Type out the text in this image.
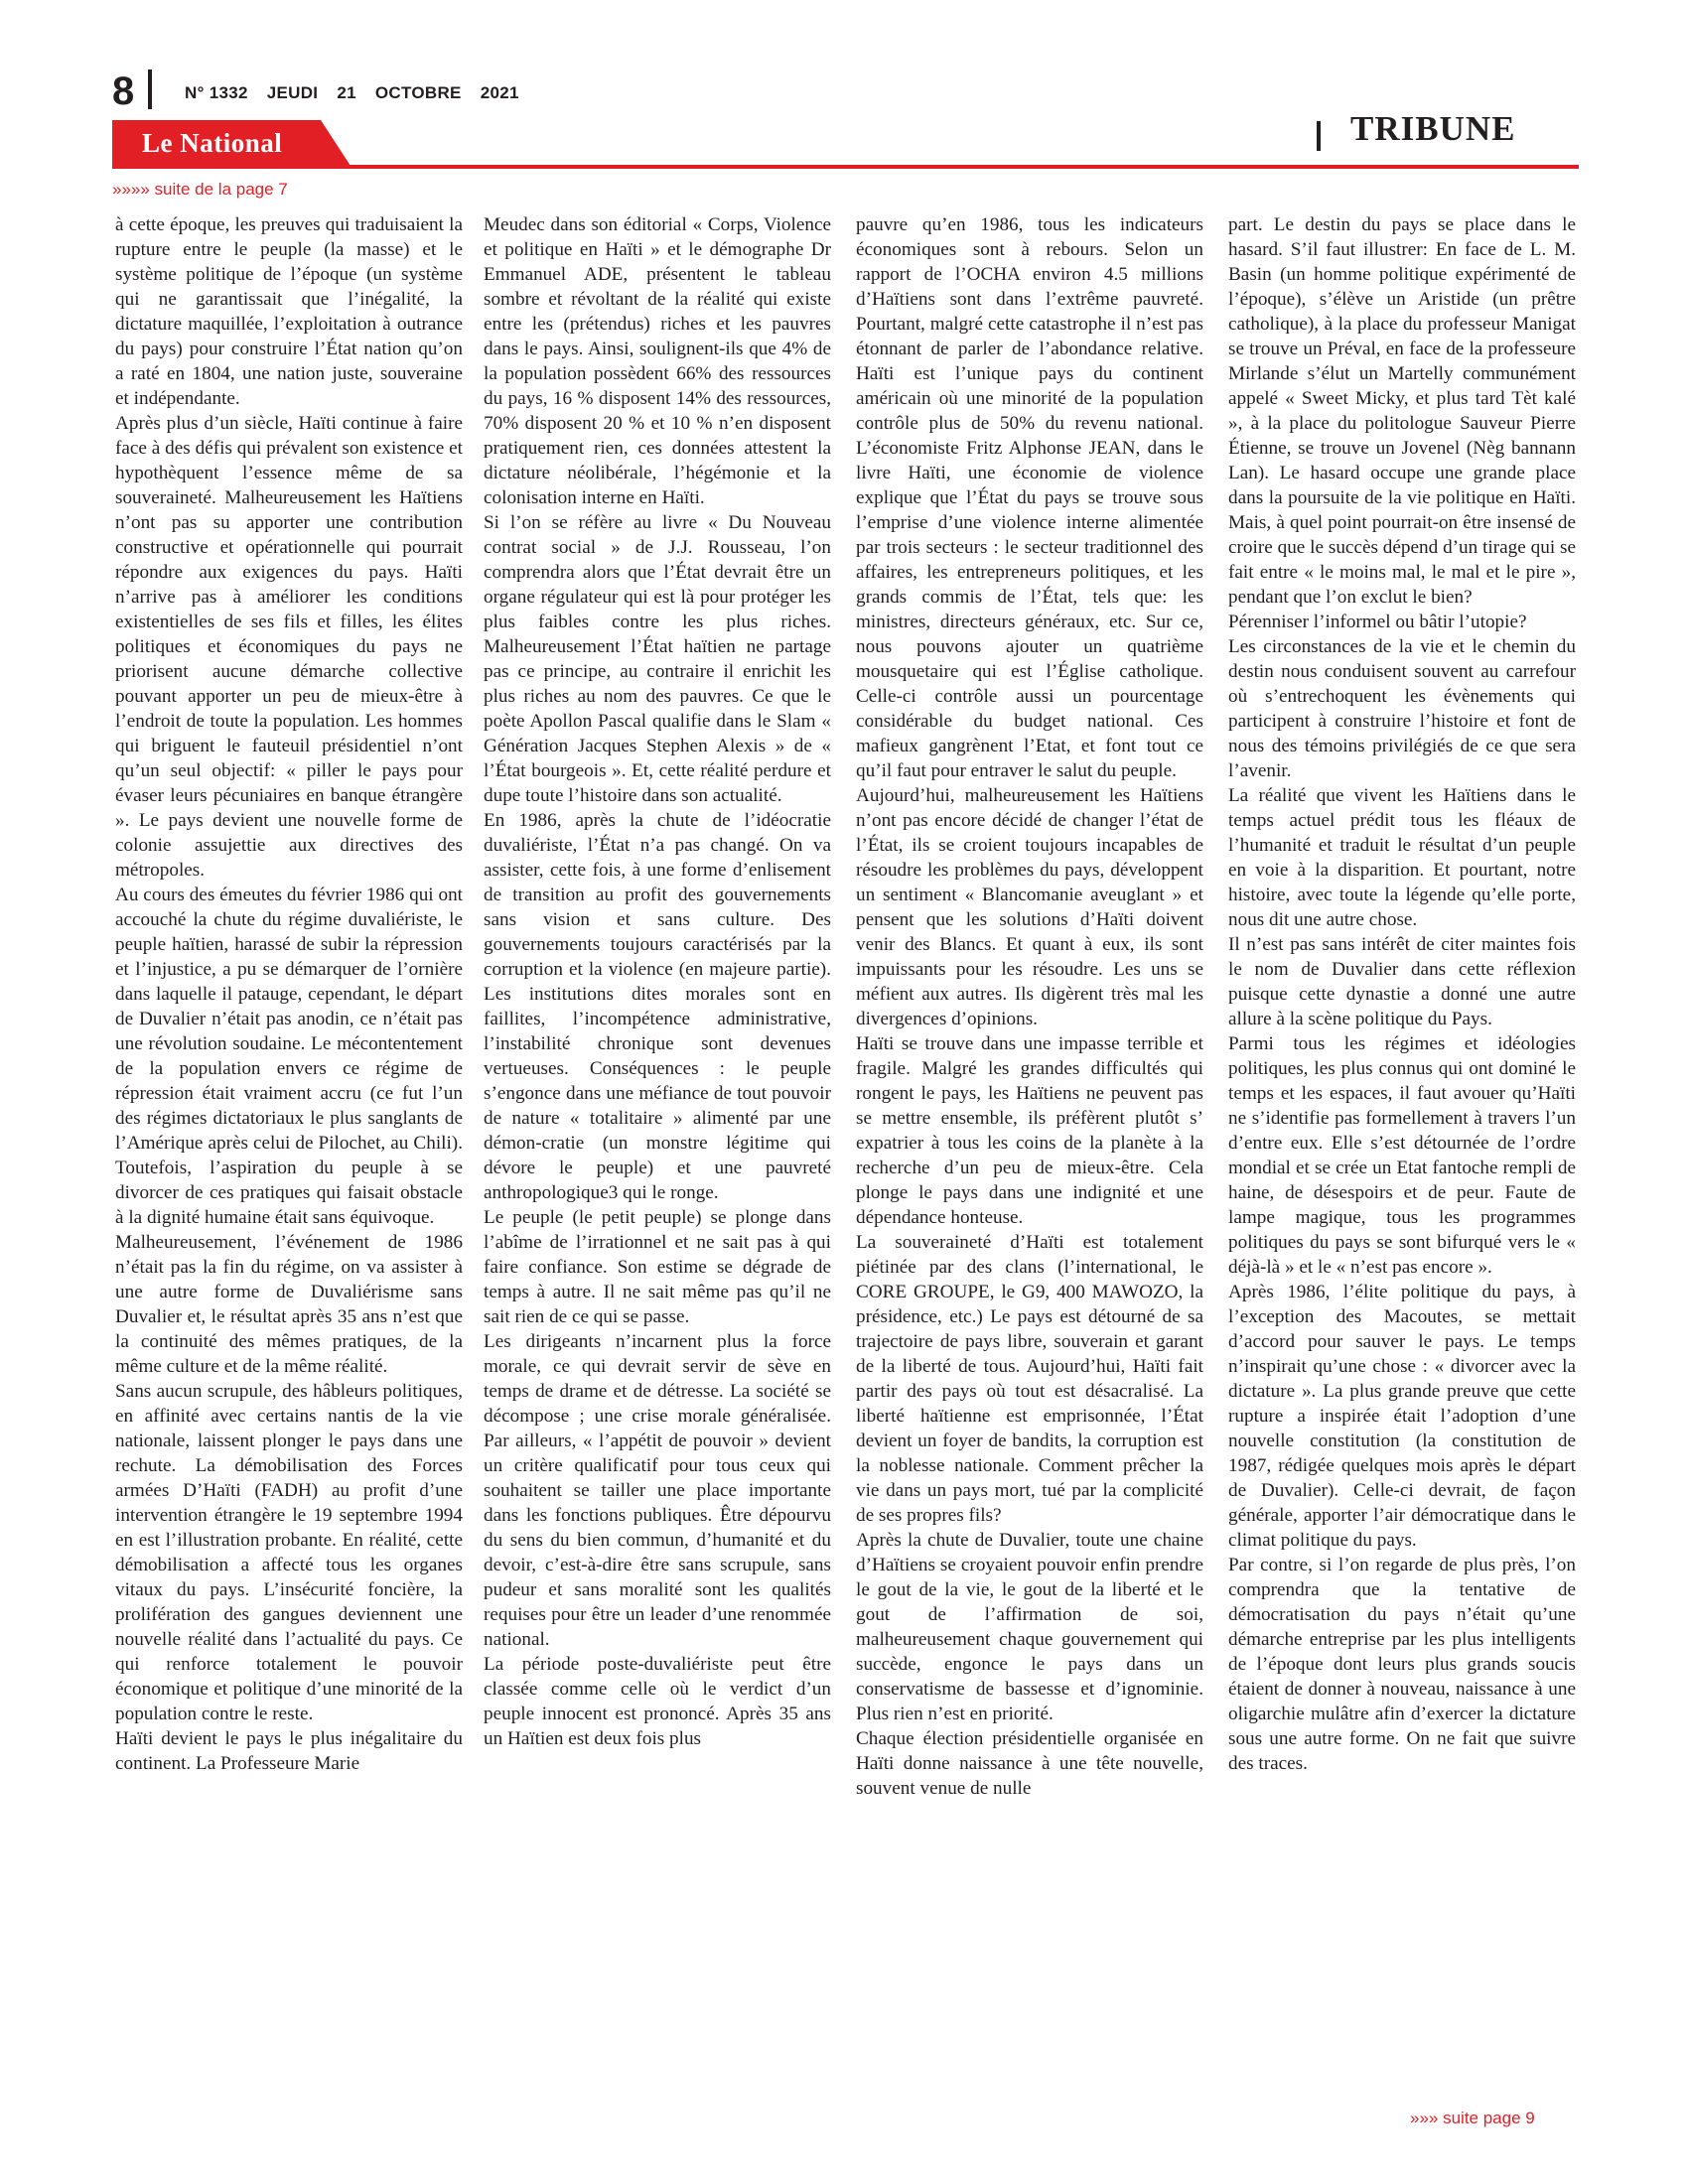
8	N° 1332 JEUDI 21 OCTOBRE 2021
Le National	TRIBUNE
»»»» suite de la page 7

à cette époque, les preuves qui traduisaient la rupture entre le peuple (la masse) et le système politique de l’époque (un système qui ne garantissait que l’inégalité, la dictature maquillée, l’exploitation à outrance du pays) pour construire l’État nation qu’on a raté en 1804, une nation juste, souveraine et indépendante.

Après plus d’un siècle, Haïti continue à faire face à des défis qui prévalent son existence et hypothèquent l’essence même de sa souveraineté. Malheureusement les Haïtiens n’ont pas su apporter une contribution constructive et opérationnelle qui pourrait répondre aux exigences du pays. Haïti n’arrive pas à améliorer les conditions existentielles de ses fils et filles, les élites politiques et économiques du pays ne priorisent aucune démarche collective pouvant apporter un peu de mieux-être à l’endroit de toute la population. Les hommes qui briguent le fauteuil présidentiel n’ont qu’un seul objectif: « piller le pays pour évaser leurs pécuniaires en banque étrangère ». Le pays devient une nouvelle forme de colonie assujettie aux directives des métropoles.

Au cours des émeutes du février 1986 qui ont accouché la chute du régime duvaliériste, le peuple haïtien, harassé de subir la répression et l’injustice, a pu se démarquer de l’ornière dans laquelle il patauge, cependant, le départ de Duvalier n’était pas anodin, ce n’était pas une révolution soudaine. Le mécontentement de la population envers ce régime de répression était vraiment accru (ce fut l’un des régimes dictatoriaux le plus sanglants de l’Amérique après celui de Pilochet, au Chili). Toutefois, l’aspiration du peuple à se divorcer de ces pratiques qui faisait obstacle à la dignité humaine était sans équivoque.

Malheureusement, l’événement de 1986 n’était pas la fin du régime, on va assister à une autre forme de Duvaliérisme sans Duvalier et, le résultat après 35 ans n’est que la continuité des mêmes pratiques, de la même culture et de la même réalité.

Sans aucun scrupule, des hâbleurs politiques, en affinité avec certains nantis de la vie nationale, laissent plonger le pays dans une rechute. La démobilisation des Forces armées D’Haïti (FADH) au profit d’une intervention étrangère le 19 septembre 1994 en est l’illustration probante. En réalité, cette démobilisation a affecté tous les organes vitaux du pays. L’insécurité foncière, la prolifération des gangues deviennent une nouvelle réalité dans l’actualité du pays. Ce qui renforce totalement le pouvoir économique et politique d’une minorité de la population contre le reste.

Haïti devient le pays le plus inégalitaire du continent. La Professeure Marie

Meudec dans son éditorial « Corps, Violence et politique en Haïti » et le démographe Dr Emmanuel ADE, présentent le tableau sombre et révoltant de la réalité qui existe entre les (prétendus) riches et les pauvres dans le pays. Ainsi, soulignent-ils que 4% de la population possèdent 66% des ressources du pays, 16 % disposent 14% des ressources, 70% disposent 20 % et 10 % n’en disposent pratiquement rien, ces données attestent la dictature néolibérale, l’hégémonie et la colonisation interne en Haïti.

Si l’on se réfère au livre « Du Nouveau contrat social » de J.J. Rousseau, l’on comprendra alors que l’État devrait être un organe régulateur qui est là pour protéger les plus faibles contre les plus riches. Malheureusement l’État haïtien ne partage pas ce principe, au contraire il enrichit les plus riches au nom des pauvres. Ce que le poète Apollon Pascal qualifie dans le Slam « Génération Jacques Stephen Alexis » de « l’État bourgeois ». Et, cette réalité perdure et dupe toute l’histoire dans son actualité.

En 1986, après la chute de l’idéocratie duvaliériste, l’État n’a pas changé. On va assister, cette fois, à une forme d’enlisement de transition au profit des gouvernements sans vision et sans culture. Des gouvernements toujours caractérisés par la corruption et la violence (en majeure partie). Les institutions dites morales sont en faillites, l’incompétence administrative, l’instabilité chronique sont devenues vertueuses. Conséquences : le peuple s’engonce dans une méfiance de tout pouvoir de nature « totalitaire » alimenté par une démon-cratie (un monstre légitime qui dévore le peuple) et une pauvreté anthropologique3 qui le ronge.

Le peuple (le petit peuple) se plonge dans l’abîme de l’irrationnel et ne sait pas à qui faire confiance. Son estime se dégrade de temps à autre. Il ne sait même pas qu’il ne sait rien de ce qui se passe.

Les dirigeants n’incarnent plus la force morale, ce qui devrait servir de sève en temps de drame et de détresse. La société se décompose ; une crise morale généralisée. Par ailleurs, « l’appétit de pouvoir » devient un critère qualificatif pour tous ceux qui souhaitent se tailler une place importante dans les fonctions publiques. Être dépourvu du sens du bien commun, d’humanité et du devoir, c’est-à-dire être sans scrupule, sans pudeur et sans moralité sont les qualités requises pour être un leader d’une renommée national.

La période poste-duvaliériste peut être classée comme celle où le verdict d’un peuple innocent est prononcé. Après 35 ans un Haïtien est deux fois plus

pauvre qu’en 1986, tous les indicateurs économiques sont à rebours. Selon un rapport de l’OCHA environ 4.5 millions d’Haïtiens sont dans l’extrême pauvreté. Pourtant, malgré cette catastrophe il n’est pas étonnant de parler de l’abondance relative. Haïti est l’unique pays du continent américain où une minorité de la population contrôle plus de 50% du revenu national. L’économiste Fritz Alphonse JEAN, dans le livre Haïti, une économie de violence explique que l’État du pays se trouve sous l’emprise d’une violence interne alimentée par trois secteurs : le secteur traditionnel des affaires, les entrepreneurs politiques, et les grands commis de l’État, tels que: les ministres, directeurs généraux, etc. Sur ce, nous pouvons ajouter un quatrième mousquetaire qui est l’Église catholique. Celle-ci contrôle aussi un pourcentage considérable du budget national. Ces mafieux gangrènent l’Etat, et font tout ce qu’il faut pour entraver le salut du peuple.

Aujourd’hui, malheureusement les Haïtiens n’ont pas encore décidé de changer l’état de l’État, ils se croient toujours incapables de résoudre les problèmes du pays, développent un sentiment « Blancomanie aveuglant » et pensent que les solutions d’Haïti doivent venir des Blancs. Et quant à eux, ils sont impuissants pour les résoudre. Les uns se méfient aux autres. Ils digèrent très mal les divergences d’opinions.

Haïti se trouve dans une impasse terrible et fragile. Malgré les grandes difficultés qui rongent le pays, les Haïtiens ne peuvent pas se mettre ensemble, ils préfèrent plutôt s’ expatrier à tous les coins de la planète à la recherche d’un peu de mieux-être. Cela plonge le pays dans une indignité et une dépendance honteuse.

La souveraineté d’Haïti est totalement piétinée par des clans (l’international, le CORE GROUPE, le G9, 400 MAWOZO, la présidence, etc.) Le pays est détourné de sa trajectoire de pays libre, souverain et garant de la liberté de tous. Aujourd’hui, Haïti fait partir des pays où tout est désacralisé. La liberté haïtienne est emprisonnée, l’État devient un foyer de bandits, la corruption est la noblesse nationale. Comment prêcher la vie dans un pays mort, tué par la complicité de ses propres fils?

Après la chute de Duvalier, toute une chaine d’Haïtiens se croyaient pouvoir enfin prendre le gout de la vie, le gout de la liberté et le gout de l’affirmation de soi, malheureusement chaque gouvernement qui succède, engonce le pays dans un conservatisme de bassesse et d’ignominie. Plus rien n’est en priorité.

Chaque élection présidentielle organisée en Haïti donne naissance à une tête nouvelle, souvent venue de nulle

part. Le destin du pays se place dans le hasard. S’il faut illustrer: En face de L. M. Basin (un homme politique expérimenté de l’époque), s’élève un Aristide (un prêtre catholique), à la place du professeur Manigat se trouve un Préval, en face de la professeure Mirlande s’élut un Martelly communément appelé « Sweet Micky, et plus tard Tèt kalé », à la place du politologue Sauveur Pierre Étienne, se trouve un Jovenel (Nèg bannann Lan). Le hasard occupe une grande place dans la poursuite de la vie politique en Haïti. Mais, à quel point pourrait-on être insensé de croire que le succès dépend d’un tirage qui se fait entre « le moins mal, le mal et le pire », pendant que l’on exclut le bien?

Pérenniser l’informel ou bâtir l’utopie?

Les circonstances de la vie et le chemin du destin nous conduisent souvent au carrefour où s’entrechoquent les évènements qui participent à construire l’histoire et font de nous des témoins privilégiés de ce que sera l’avenir.

La réalité que vivent les Haïtiens dans le temps actuel prédit tous les fléaux de l’humanité et traduit le résultat d’un peuple en voie à la disparition. Et pourtant, notre histoire, avec toute la légende qu’elle porte, nous dit une autre chose.

Il n’est pas sans intérêt de citer maintes fois le nom de Duvalier dans cette réflexion puisque cette dynastie a donné une autre allure à la scène politique du Pays.

Parmi tous les régimes et idéologies politiques, les plus connus qui ont dominé le temps et les espaces, il faut avouer qu’Haïti ne s’identifie pas formellement à travers l’un d’entre eux. Elle s’est détournée de l’ordre mondial et se crée un Etat fantoche rempli de haine, de désespoirs et de peur. Faute de lampe magique, tous les programmes politiques du pays se sont bifurqué vers le « déjà-là » et le « n’est pas encore ».

Après 1986, l’élite politique du pays, à l’exception des Macoutes, se mettait d’accord pour sauver le pays. Le temps n’inspirait qu’une chose : « divorcer avec la dictature ». La plus grande preuve que cette rupture a inspirée était l’adoption d’une nouvelle constitution (la constitution de 1987, rédigée quelques mois après le départ de Duvalier). Celle-ci devrait, de façon générale, apporter l’air démocratique dans le climat politique du pays.

Par contre, si l’on regarde de plus près, l’on comprendra que la tentative de démocratisation du pays n’était qu’une démarche entreprise par les plus intelligents de l’époque dont leurs plus grands soucis étaient de donner à nouveau, naissance à une oligarchie mulâtre afin d’exercer la dictature sous une autre forme. On ne fait que suivre des traces.

»»» suite page 9
